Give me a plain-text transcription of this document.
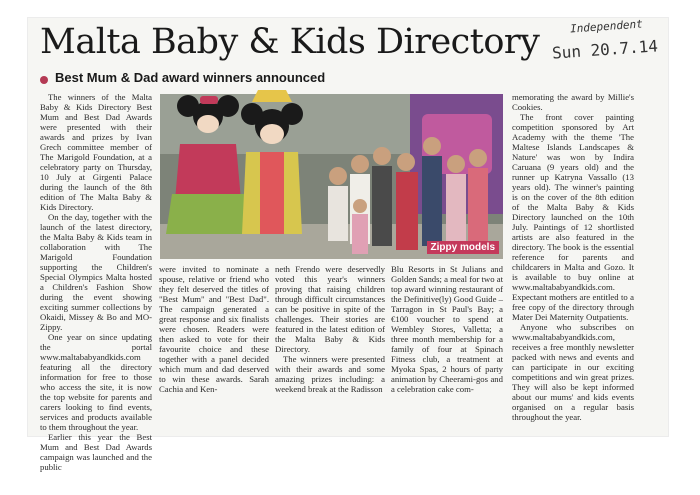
Malta Baby & Kids Directory	Independent
Sun 20.7.14
Best Mum & Dad award winners announced

The winners of the Malta Baby & Kids Directory Best Mum and Best Dad Awards were presented with their awards and prizes by Ivan Grech committee member of The Marigold Foundation, at a celebratory party on Thursday, 10 July at Girgenti Palace during the launch of the 8th edition of The Malta Baby & Kids Directory.

On the day, together with the launch of the latest directory, the Malta Baby & Kids team in collaboration with The Marigold Foundation supporting the Children's Special Olympics Malta hosted a Children's Fashion Show during the event showing exciting summer collections by Okaidi, Missey & Bo and MO-Zippy.

One year on since updating the portal www.maltababyandkids.com featuring all the directory information for free to those who access the site, it is now the top website for parents and carers looking to find events, services and products available to them throughout the year.

Earlier this year the Best Mum and Best Dad Awards campaign was launched and the public

Zippy models

were invited to nominate a spouse, relative or friend who they felt deserved the titles of "Best Mum" and "Best Dad". The campaign generated a great response and six finalists were chosen. Readers were then asked to vote for their favourite choice and these together with a panel decided which mum and dad deserved to win these awards. Sarah Cachia and Ken-

neth Frendo were deservedly voted this year's winners proving that raising children through difficult circumstances can be positive in spite of the challenges. Their stories are featured in the latest edition of the Malta Baby & Kids Directory.

The winners were presented with their awards and some amazing prizes including: a weekend break at the Radisson

Blu Resorts in St Julians and Golden Sands; a meal for two at top award winning restaurant of the Definitive(ly) Good Guide – Tarragon in St Paul's Bay; a €100 voucher to spend at Wembley Stores, Valletta; a three month membership for a family of four at Spinach Fitness club, a treatment at Myoka Spas, 2 hours of party animation by Cheerami-gos and a celebration cake com-

memorating the award by Millie's Cookies.

The front cover painting competition sponsored by Art Academy with the theme 'The Maltese Islands Landscapes & Nature' was won by Indira Caruana (9 years old) and the runner up Katryna Vassallo (13 years old). The winner's painting is on the cover of the 8th edition of the Malta Baby & Kids Directory launched on the 10th July. Paintings of 12 shortlisted artists are also featured in the directory. The book is the essential reference for parents and childcarers in Malta and Gozo. It is available to buy online at www.maltababyandkids.com. Expectant mothers are entitled to a free copy of the directory through Mater Dei Maternity Outpatients.

Anyone who subscribes on www.maltababyandkids.com, receives a free monthly newsletter packed with news and events and can participate in our exciting competitions and win great prizes. They will also be kept informed about our mums' and kids events organised on a regular basis throughout the year.
